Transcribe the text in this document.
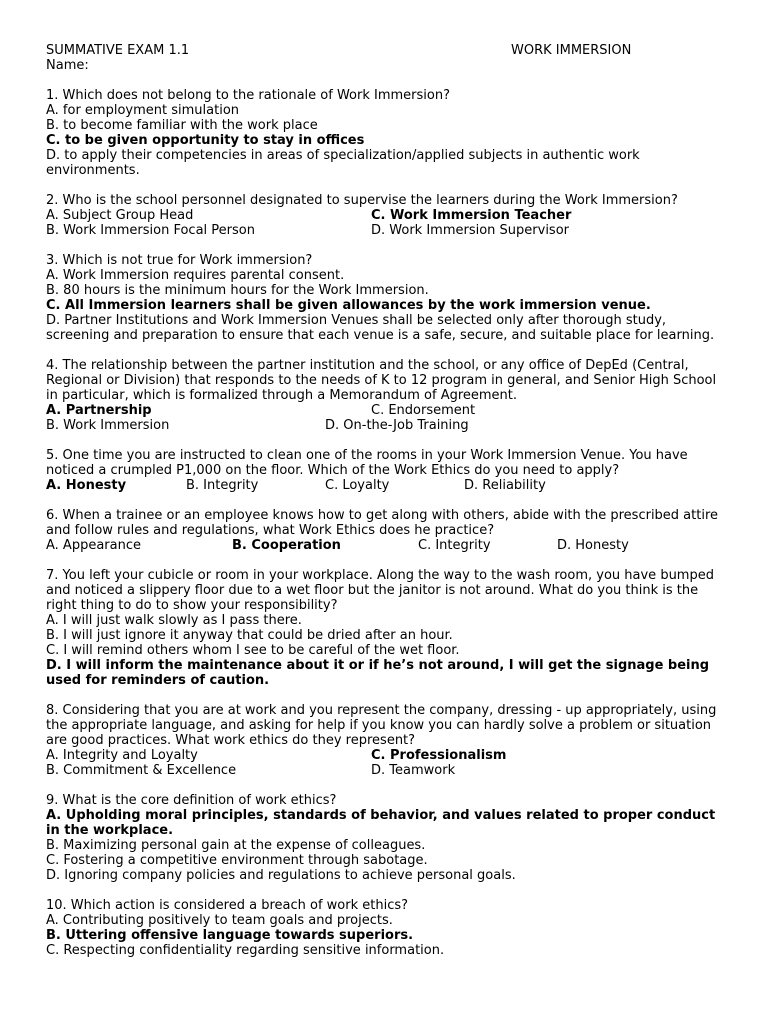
SUMMATIVE EXAM 1.1	WORK IMMERSION
Name:
1. Which does not belong to the rationale of Work Immersion?
A. for employment simulation
B. to become familiar with the work place
C. to be given opportunity to stay in offices
D. to apply their competencies in areas of specialization/applied subjects in authentic work environments.
2. Who is the school personnel designated to supervise the learners during the Work Immersion?
A. Subject Group Head	C. Work Immersion Teacher
B. Work Immersion Focal Person	D. Work Immersion Supervisor
3. Which is not true for Work immersion?
A. Work Immersion requires parental consent.
B. 80 hours is the minimum hours for the Work Immersion.
C. All Immersion learners shall be given allowances by the work immersion venue.
D. Partner Institutions and Work Immersion Venues shall be selected only after thorough study, screening and preparation to ensure that each venue is a safe, secure, and suitable place for learning.
4. The relationship between the partner institution and the school, or any office of DepEd (Central, Regional or Division) that responds to the needs of K to 12 program in general, and Senior High School in particular, which is formalized through a Memorandum of Agreement.
A. Partnership	C. Endorsement
B. Work Immersion	D. On-the-Job Training
5. One time you are instructed to clean one of the rooms in your Work Immersion Venue. You have noticed a crumpled P1,000 on the floor. Which of the Work Ethics do you need to apply?
A. Honesty	B. Integrity	C. Loyalty	D. Reliability
6. When a trainee or an employee knows how to get along with others, abide with the prescribed attire and follow rules and regulations, what Work Ethics does he practice?
A. Appearance	B. Cooperation	C. Integrity	D. Honesty
7. You left your cubicle or room in your workplace. Along the way to the wash room, you have bumped and noticed a slippery floor due to a wet floor but the janitor is not around. What do you think is the right thing to do to show your responsibility?
A. I will just walk slowly as I pass there.
B. I will just ignore it anyway that could be dried after an hour.
C. I will remind others whom I see to be careful of the wet floor.
D. I will inform the maintenance about it or if he’s not around, I will get the signage being used for reminders of caution.
8. Considering that you are at work and you represent the company, dressing - up appropriately, using the appropriate language, and asking for help if you know you can hardly solve a problem or situation are good practices. What work ethics do they represent?
A. Integrity and Loyalty	C. Professionalism
B. Commitment & Excellence	D. Teamwork
9. What is the core definition of work ethics?
A. Upholding moral principles, standards of behavior, and values related to proper conduct in the workplace.
B. Maximizing personal gain at the expense of colleagues.
C. Fostering a competitive environment through sabotage.
D. Ignoring company policies and regulations to achieve personal goals.
10. Which action is considered a breach of work ethics?
A. Contributing positively to team goals and projects.
B. Uttering offensive language towards superiors.
C. Respecting confidentiality regarding sensitive information.
